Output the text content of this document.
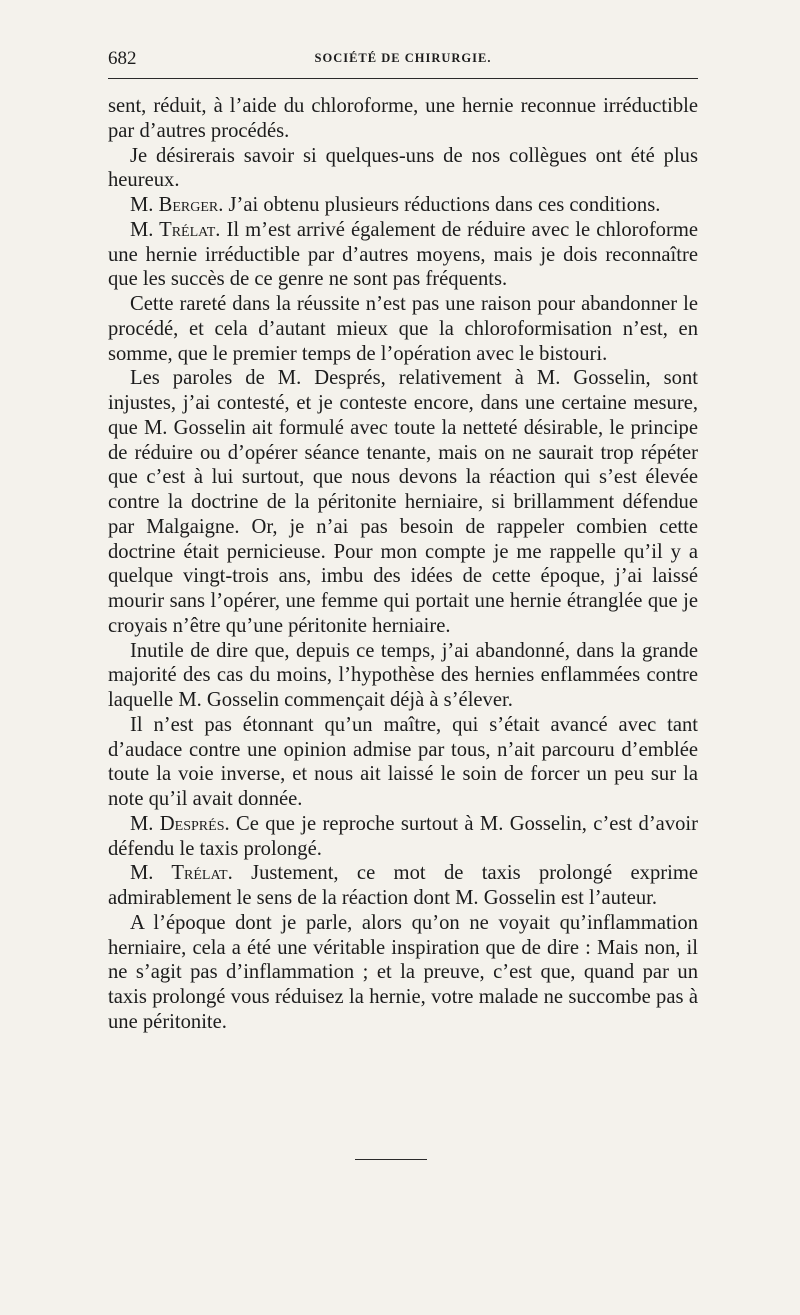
682	SOCIÉTÉ DE CHIRURGIE.

sent, réduit, à l’aide du chloroforme, une hernie reconnue irréductible par d’autres procédés.

Je désirerais savoir si quelques-uns de nos collègues ont été plus heureux.

M. Berger. J’ai obtenu plusieurs réductions dans ces conditions.

M. Trélat. Il m’est arrivé également de réduire avec le chloroforme une hernie irréductible par d’autres moyens, mais je dois reconnaître que les succès de ce genre ne sont pas fréquents.

Cette rareté dans la réussite n’est pas une raison pour abandonner le procédé, et cela d’autant mieux que la chloroformisation n’est, en somme, que le premier temps de l’opération avec le bistouri.

Les paroles de M. Després, relativement à M. Gosselin, sont injustes, j’ai contesté, et je conteste encore, dans une certaine mesure, que M. Gosselin ait formulé avec toute la netteté désirable, le principe de réduire ou d’opérer séance tenante, mais on ne saurait trop répéter que c’est à lui surtout, que nous devons la réaction qui s’est élevée contre la doctrine de la péritonite herniaire, si brillamment défendue par Malgaigne. Or, je n’ai pas besoin de rappeler combien cette doctrine était pernicieuse. Pour mon compte je me rappelle qu’il y a quelque vingt-trois ans, imbu des idées de cette époque, j’ai laissé mourir sans l’opérer, une femme qui portait une hernie étranglée que je croyais n’être qu’une péritonite herniaire.

Inutile de dire que, depuis ce temps, j’ai abandonné, dans la grande majorité des cas du moins, l’hypothèse des hernies enflammées contre laquelle M. Gosselin commençait déjà à s’élever.

Il n’est pas étonnant qu’un maître, qui s’était avancé avec tant d’audace contre une opinion admise par tous, n’ait parcouru d’emblée toute la voie inverse, et nous ait laissé le soin de forcer un peu sur la note qu’il avait donnée.

M. Després. Ce que je reproche surtout à M. Gosselin, c’est d’avoir défendu le taxis prolongé.

M. Trélat. Justement, ce mot de taxis prolongé exprime admirablement le sens de la réaction dont M. Gosselin est l’auteur.

A l’époque dont je parle, alors qu’on ne voyait qu’inflammation herniaire, cela a été une véritable inspiration que de dire : Mais non, il ne s’agit pas d’inflammation ; et la preuve, c’est que, quand par un taxis prolongé vous réduisez la hernie, votre malade ne succombe pas à une péritonite.
